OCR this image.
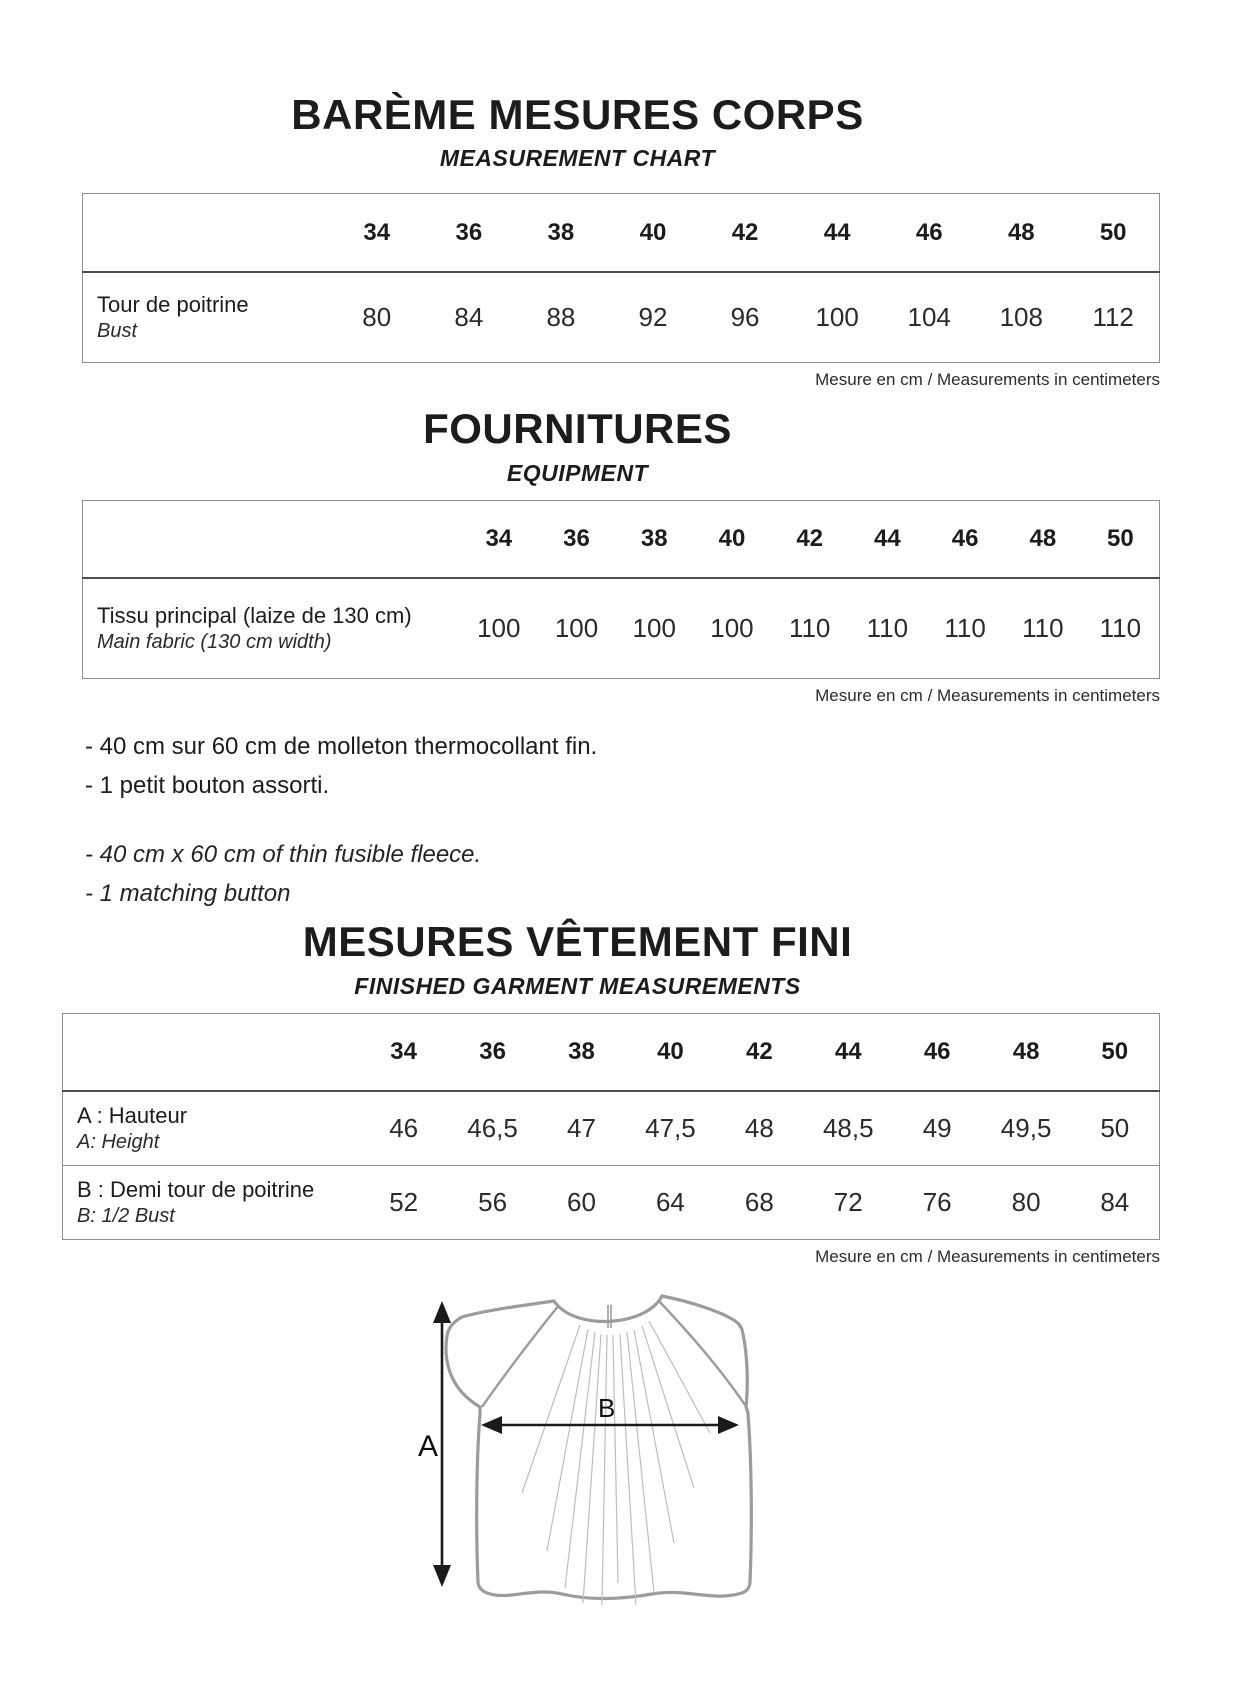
BARÈME MESURES CORPS
MEASUREMENT CHART
	34	36	38	40	42	44	46	48	50

Tour de poitrine
Bust	80	84	88	92	96	100	104	108	112
Mesure en cm / Measurements in centimeters
FOURNITURES
EQUIPMENT
	34	36	38	40	42	44	46	48	50

Tissu principal (laize de 130 cm)
Main fabric (130 cm width)	100	100	100	100	110	110	110	110	110
Mesure en cm / Measurements in centimeters
- 40 cm sur 60 cm de molleton thermocollant fin.
- 1 petit bouton assorti.
- 40 cm x 60 cm of thin fusible fleece.
- 1 matching button
MESURES VÊTEMENT FINI
FINISHED GARMENT MEASUREMENTS
	34	36	38	40	42	44	46	48	50

A : Hauteur
A: Height	46	46,5	47	47,5	48	48,5	49	49,5	50

B : Demi tour de poitrine
B: 1/2 Bust	52	56	60	64	68	72	76	80	84
Mesure en cm / Measurements in centimeters
A
B
